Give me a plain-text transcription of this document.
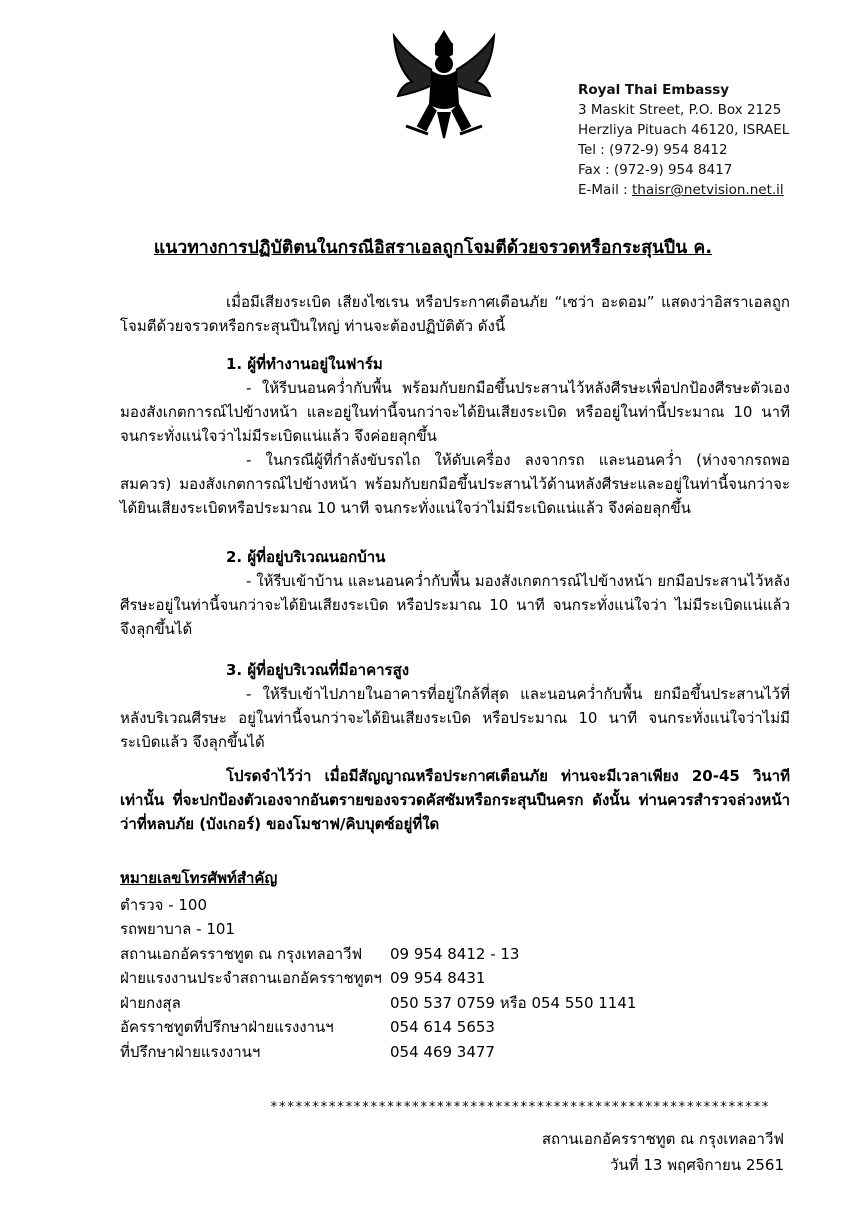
Royal Thai Embassy
3 Maskit Street, P.O. Box 2125
Herzliya Pituach 46120, ISRAEL
Tel : (972-9) 954 8412
Fax : (972-9) 954 8417
E-Mail : thaisr@netvision.net.il
แนวทางการปฏิบัติตนในกรณีอิสราเอลถูกโจมตีด้วยจรวดหรือกระสุนปืน ค.

เมื่อมีเสียงระเบิด เสียงไซเรน หรือประกาศเตือนภัย “เซว่า อะดอม” แสดงว่าอิสราเอลถูกโจมตีด้วยจรวดหรือกระสุนปืนใหญ่ ท่านจะต้องปฏิบัติตัว ดังนี้

1. ผู้ที่ทำงานอยู่ในฟาร์ม

- ให้รีบนอนคว่ำกับพื้น พร้อมกับยกมือขึ้นประสานไว้หลังศีรษะเพื่อปกป้องศีรษะตัวเอง มองสังเกตการณ์ไปข้างหน้า และอยู่ในท่านี้จนกว่าจะได้ยินเสียงระเบิด หรืออยู่ในท่านี้ประมาณ 10 นาที จนกระทั่งแน่ใจว่าไม่มีระเบิดแน่แล้ว จึงค่อยลุกขึ้น

- ในกรณีผู้ที่กำลังขับรถไถ ให้ดับเครื่อง ลงจากรถ และนอนคว่ำ (ห่างจากรถพอสมควร) มองสังเกตการณ์ไปข้างหน้า พร้อมกับยกมือขึ้นประสานไว้ด้านหลังศีรษะและอยู่ในท่านี้จนกว่าจะได้ยินเสียงระเบิดหรือประมาณ 10 นาที จนกระทั่งแน่ใจว่าไม่มีระเบิดแน่แล้ว จึงค่อยลุกขึ้น

2. ผู้ที่อยู่บริเวณนอกบ้าน

- ให้รีบเข้าบ้าน และนอนคว่ำกับพื้น มองสังเกตการณ์ไปข้างหน้า ยกมือประสานไว้หลังศีรษะอยู่ในท่านี้จนกว่าจะได้ยินเสียงระเบิด หรือประมาณ 10 นาที จนกระทั่งแน่ใจว่า ไม่มีระเบิดแน่แล้ว จึงลุกขึ้นได้

3. ผู้ที่อยู่บริเวณที่มีอาคารสูง

- ให้รีบเข้าไปภายในอาคารที่อยู่ใกล้ที่สุด และนอนคว่ำกับพื้น ยกมือขึ้นประสานไว้ที่หลังบริเวณศีรษะ อยู่ในท่านี้จนกว่าจะได้ยินเสียงระเบิด หรือประมาณ 10 นาที จนกระทั่งแน่ใจว่าไม่มีระเบิดแล้ว จึงลุกขึ้นได้

โปรดจำไว้ว่า เมื่อมีสัญญาณหรือประกาศเตือนภัย ท่านจะมีเวลาเพียง 20-45 วินาที เท่านั้น ที่จะปกป้องตัวเองจากอันตรายของจรวดคัสซัมหรือกระสุนปืนครก ดังนั้น ท่านควรสำรวจล่วงหน้าว่าที่หลบภัย (บังเกอร์) ของโมชาฟ/คิบบุตซ์อยู่ที่ใด

หมายเลขโทรศัพท์สำคัญ
ตำรวจ - 100
รถพยาบาล - 101
สถานเอกอัครราชทูต ณ กรุงเทลอาวีฟ	09 954 8412 - 13
ฝ่ายแรงงานประจำสถานเอกอัครราชทูตฯ 09 954 8431
ฝ่ายกงสุล	050 537 0759 หรือ 054 550 1141
อัครราชทูตที่ปรึกษาฝ่ายแรงงานฯ	054 614 5653
ที่ปรึกษาฝ่ายแรงงานฯ	054 469 3477
************************************************************
สถานเอกอัครราชทูต ณ กรุงเทลอาวีฟ
วันที่ 13 พฤศจิกายน 2561
